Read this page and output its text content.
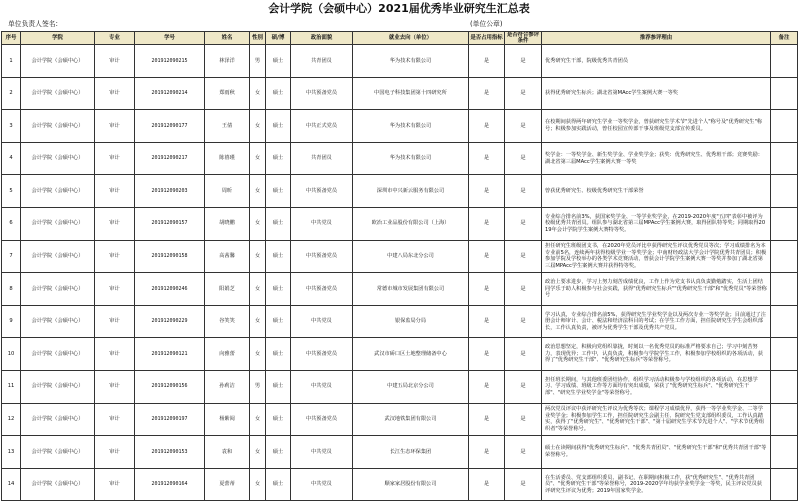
会计学院（会硕中心）2021届优秀毕业研究生汇总表
单位负责人签名:	(单位公章)
序号	学院	专业	学号	姓名	性别	硕/博	政治面貌	就业去向（单位）	是否占用指标	是否符合参评条件	推荐参评理由	备注
1	会计学院（会硕中心）	审计	201912090215	林泽洋	男	硕士	共青团员	华为技术有限公司	是	是	优秀研究生干部，院级优秀共青团员	
2	会计学院（会硕中心）	审计	201912090214	郑雨秋	女	硕士	中共预备党员	中国电子科技集团第十四研究所	是	是	获得优秀研究生标兵；湖北省第MAcc学生案例大赛一等奖	
3	会计学院（会硕中心）	审计	201912090177	王倩	女	硕士	中共正式党员	华为技术有限公司	是	是	在校期间获得两年研究生学业一等奖学金，曾获研究生学术节"先进个人"称号及"优秀研究生"称号；积极参加实践活动，曾任校园宣传部干事及班级党支部宣传委员。	
4	会计学院（会硕中心）	审计	201912090217	陈禧瑾	女	硕士	共青团员	华为技术有限公司	是	是	奖学金：一等奖学金、新生奖学金、学业奖学金；获奖：优秀研究生、优秀班干部；竞赛奖励：湖北省第三届MAcc学生案例大赛一等奖	
5	会计学院（会硕中心）	审计	201912090203	周昕	女	硕士	中共预备党员	深圳市中兴新云服务有限公司	是	是	曾获优秀研究生、校级优秀研究生干部荣誉	
6	会计学院（会硕中心）	审计	201912090157	胡晓鹏	女	硕士	中共党员	欧冶工业品股份有限公司（上海）	是	是	专业综合排名前3%，获国家奖学金、一等学业奖学金，在2019-2020年度"五四"表彰中被评为校级优秀共青团员。组队参与湖北省第三届MPAcc学生案例大赛，取得团队特等奖；同期取得2019年会计学院学生案例大赛特等奖。	
7	会计学院（会硕中心）	审计	201912090158	高茜馨	女	硕士	中共预备党员	中建八局东北分公司	是	是	担任研究生班级团支书，在2020年党员评比中获得研究生评议优秀党员等次；学习成绩排名为本专业前5名，连续两年获得校级学业一等奖学金；中南财经政法大学会计学院优秀共青团员；积极参加学院及学校举办的各类学术竞赛活动，曾获会计学院学生案例大赛一等奖并参加了湖北省第三届MPAcc学生案例大赛并获得特等奖。	
8	会计学院（会硕中心）	审计	201912090246	阳娟芝	女	硕士	中共预备党员	常德市城市发展集团有限公司	是	是	政治上要求进步，学习上努力刻苦成绩优良，工作上作为党支书认真负责勤勉踏实，生活上团结同学乐于助人积极参与社会实践，获得"优秀研究生标兵""优秀研究生干部"和"优秀党员"等荣誉称号	
9	会计学院（会硕中心）	审计	201912090229	谷笑笑	女	硕士	中共党员	银保监局分局	是	是	学习认真，专业综合排名前5%，获得研究生学业奖学金以及两次专业一等奖学金；目前通过了注册会计师审计、会计、税法和经济法科目的考试；在学生工作方面，担任院研究生学生会组织部长，工作认真负责，被评为优秀学生干部及优秀共产党员。	
10	会计学院（会硕中心）	审计	201912090121	向雅蕾	女	硕士	中共预备党员	武汉市硚口区土地整理储备中心	是	是	政治思想坚定，积极向党组织靠拢，时刻以一名优秀党员的标准严格要求自己；学习中刻苦努力，表现优异；工作中，认真负责，积极参与学院学生工作，积极参加学校组织的各项活动，获得了"优秀研究生干部"、"优秀研究生标兵"等荣誉称号。	
11	会计学院（会硕中心）	审计	201912090156	孙莉洁	男	硕士	中共党员	中建五局北京分公司	是	是	担任班长期间，与其他班委团结协作，组织学习活动积极参与学校组织的各项活动，在思想学习、学习成绩、班级工作等方面均有突出成绩，荣获了"优秀研究生标兵"、"优秀研究生干部"、"研究生学业奖学金"等荣誉称号。	
12	会计学院（会硕中心）	审计	201912090197	杨紫阅	女	硕士	中共预备党员	武汉地铁集团有限公司	是	是	两次党员评议中获评研究生评议为优秀等次；课程学习成绩优异，获得一等学业奖学金、二等学业奖学金；积极参加学生工作，担任院研究生会副主任、院研究生党支部组织委员，工作认真踏实，获得了"优秀研究生"、"优秀研究生干部"、"第十届研究生学术节先进个人"、"学术节优秀组织者"等荣誉称号。	
13	会计学院（会硕中心）	审计	201912090153	袁和	女	硕士	中共党员	长江生态环保集团	是	是	硕士在读期间获得"优秀研究生标兵"、"优秀共青团员"、"优秀研究生干部"和"优秀共青团干部"等荣誉称号。	
14	会计学院（会硕中心）	审计	201912090164	夏蕾蒂	女	硕士	中共党员	顺家家居股份有限公司	是	是	在生活委员、党支部组织委员、副书记，在职期间积极工作，获"优秀研究生"、"优秀共青团员"、"优秀研究生干部"等荣誉称号，2019-2020学年均获学业奖学金一等奖，民主评议党员获评研究生评议为优秀；2019年国家奖学金。	
